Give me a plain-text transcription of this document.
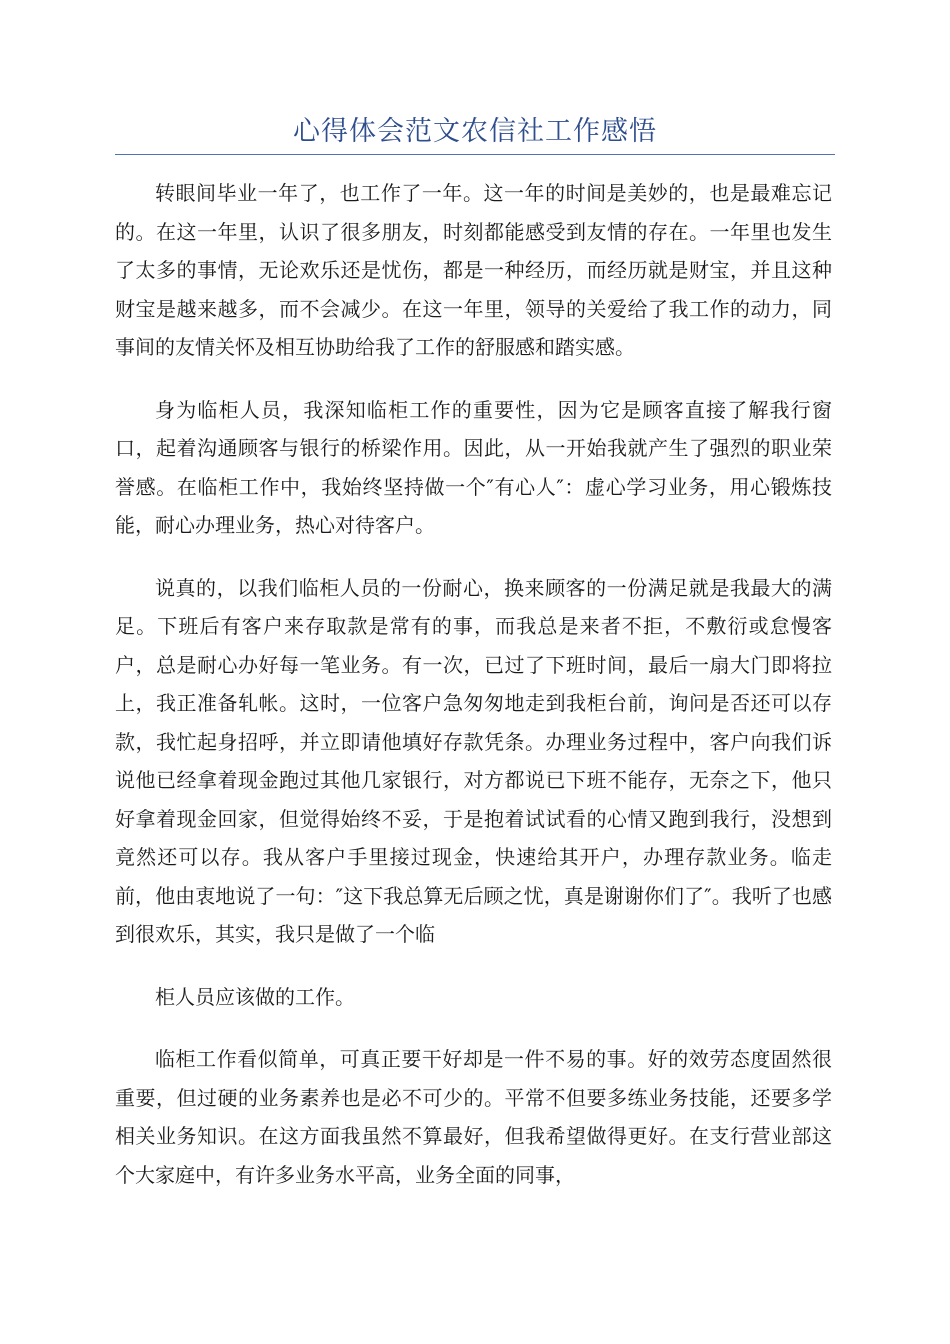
心得体会范文农信社工作感悟

转眼间毕业一年了，也工作了一年。这一年的时间是美妙的，也是最难忘记的。在这一年里，认识了很多朋友，时刻都能感受到友情的存在。一年里也发生了太多的事情，无论欢乐还是忧伤，都是一种经历，而经历就是财宝，并且这种财宝是越来越多，而不会减少。在这一年里，领导的关爱给了我工作的动力，同事间的友情关怀及相互协助给我了工作的舒服感和踏实感。

身为临柜人员，我深知临柜工作的重要性，因为它是顾客直接了解我行窗口，起着沟通顾客与银行的桥梁作用。因此，从一开始我就产生了强烈的职业荣誉感。在临柜工作中，我始终坚持做一个″有心人″：虚心学习业务，用心锻炼技能，耐心办理业务，热心对待客户。

说真的，以我们临柜人员的一份耐心，换来顾客的一份满足就是我最大的满足。下班后有客户来存取款是常有的事，而我总是来者不拒，不敷衍或怠慢客户，总是耐心办好每一笔业务。有一次，已过了下班时间，最后一扇大门即将拉上，我正准备轧帐。这时，一位客户急匆匆地走到我柜台前，询问是否还可以存款，我忙起身招呼，并立即请他填好存款凭条。办理业务过程中，客户向我们诉说他已经拿着现金跑过其他几家银行，对方都说已下班不能存，无奈之下，他只好拿着现金回家，但觉得始终不妥，于是抱着试试看的心情又跑到我行，没想到竟然还可以存。我从客户手里接过现金，快速给其开户，办理存款业务。临走前，他由衷地说了一句：″这下我总算无后顾之忧，真是谢谢你们了″。我听了也感到很欢乐，其实，我只是做了一个临

柜人员应该做的工作。

临柜工作看似简单，可真正要干好却是一件不易的事。好的效劳态度固然很重要，但过硬的业务素养也是必不可少的。平常不但要多练业务技能，还要多学相关业务知识。在这方面我虽然不算最好，但我希望做得更好。在支行营业部这个大家庭中，有许多业务水平高，业务全面的同事，
